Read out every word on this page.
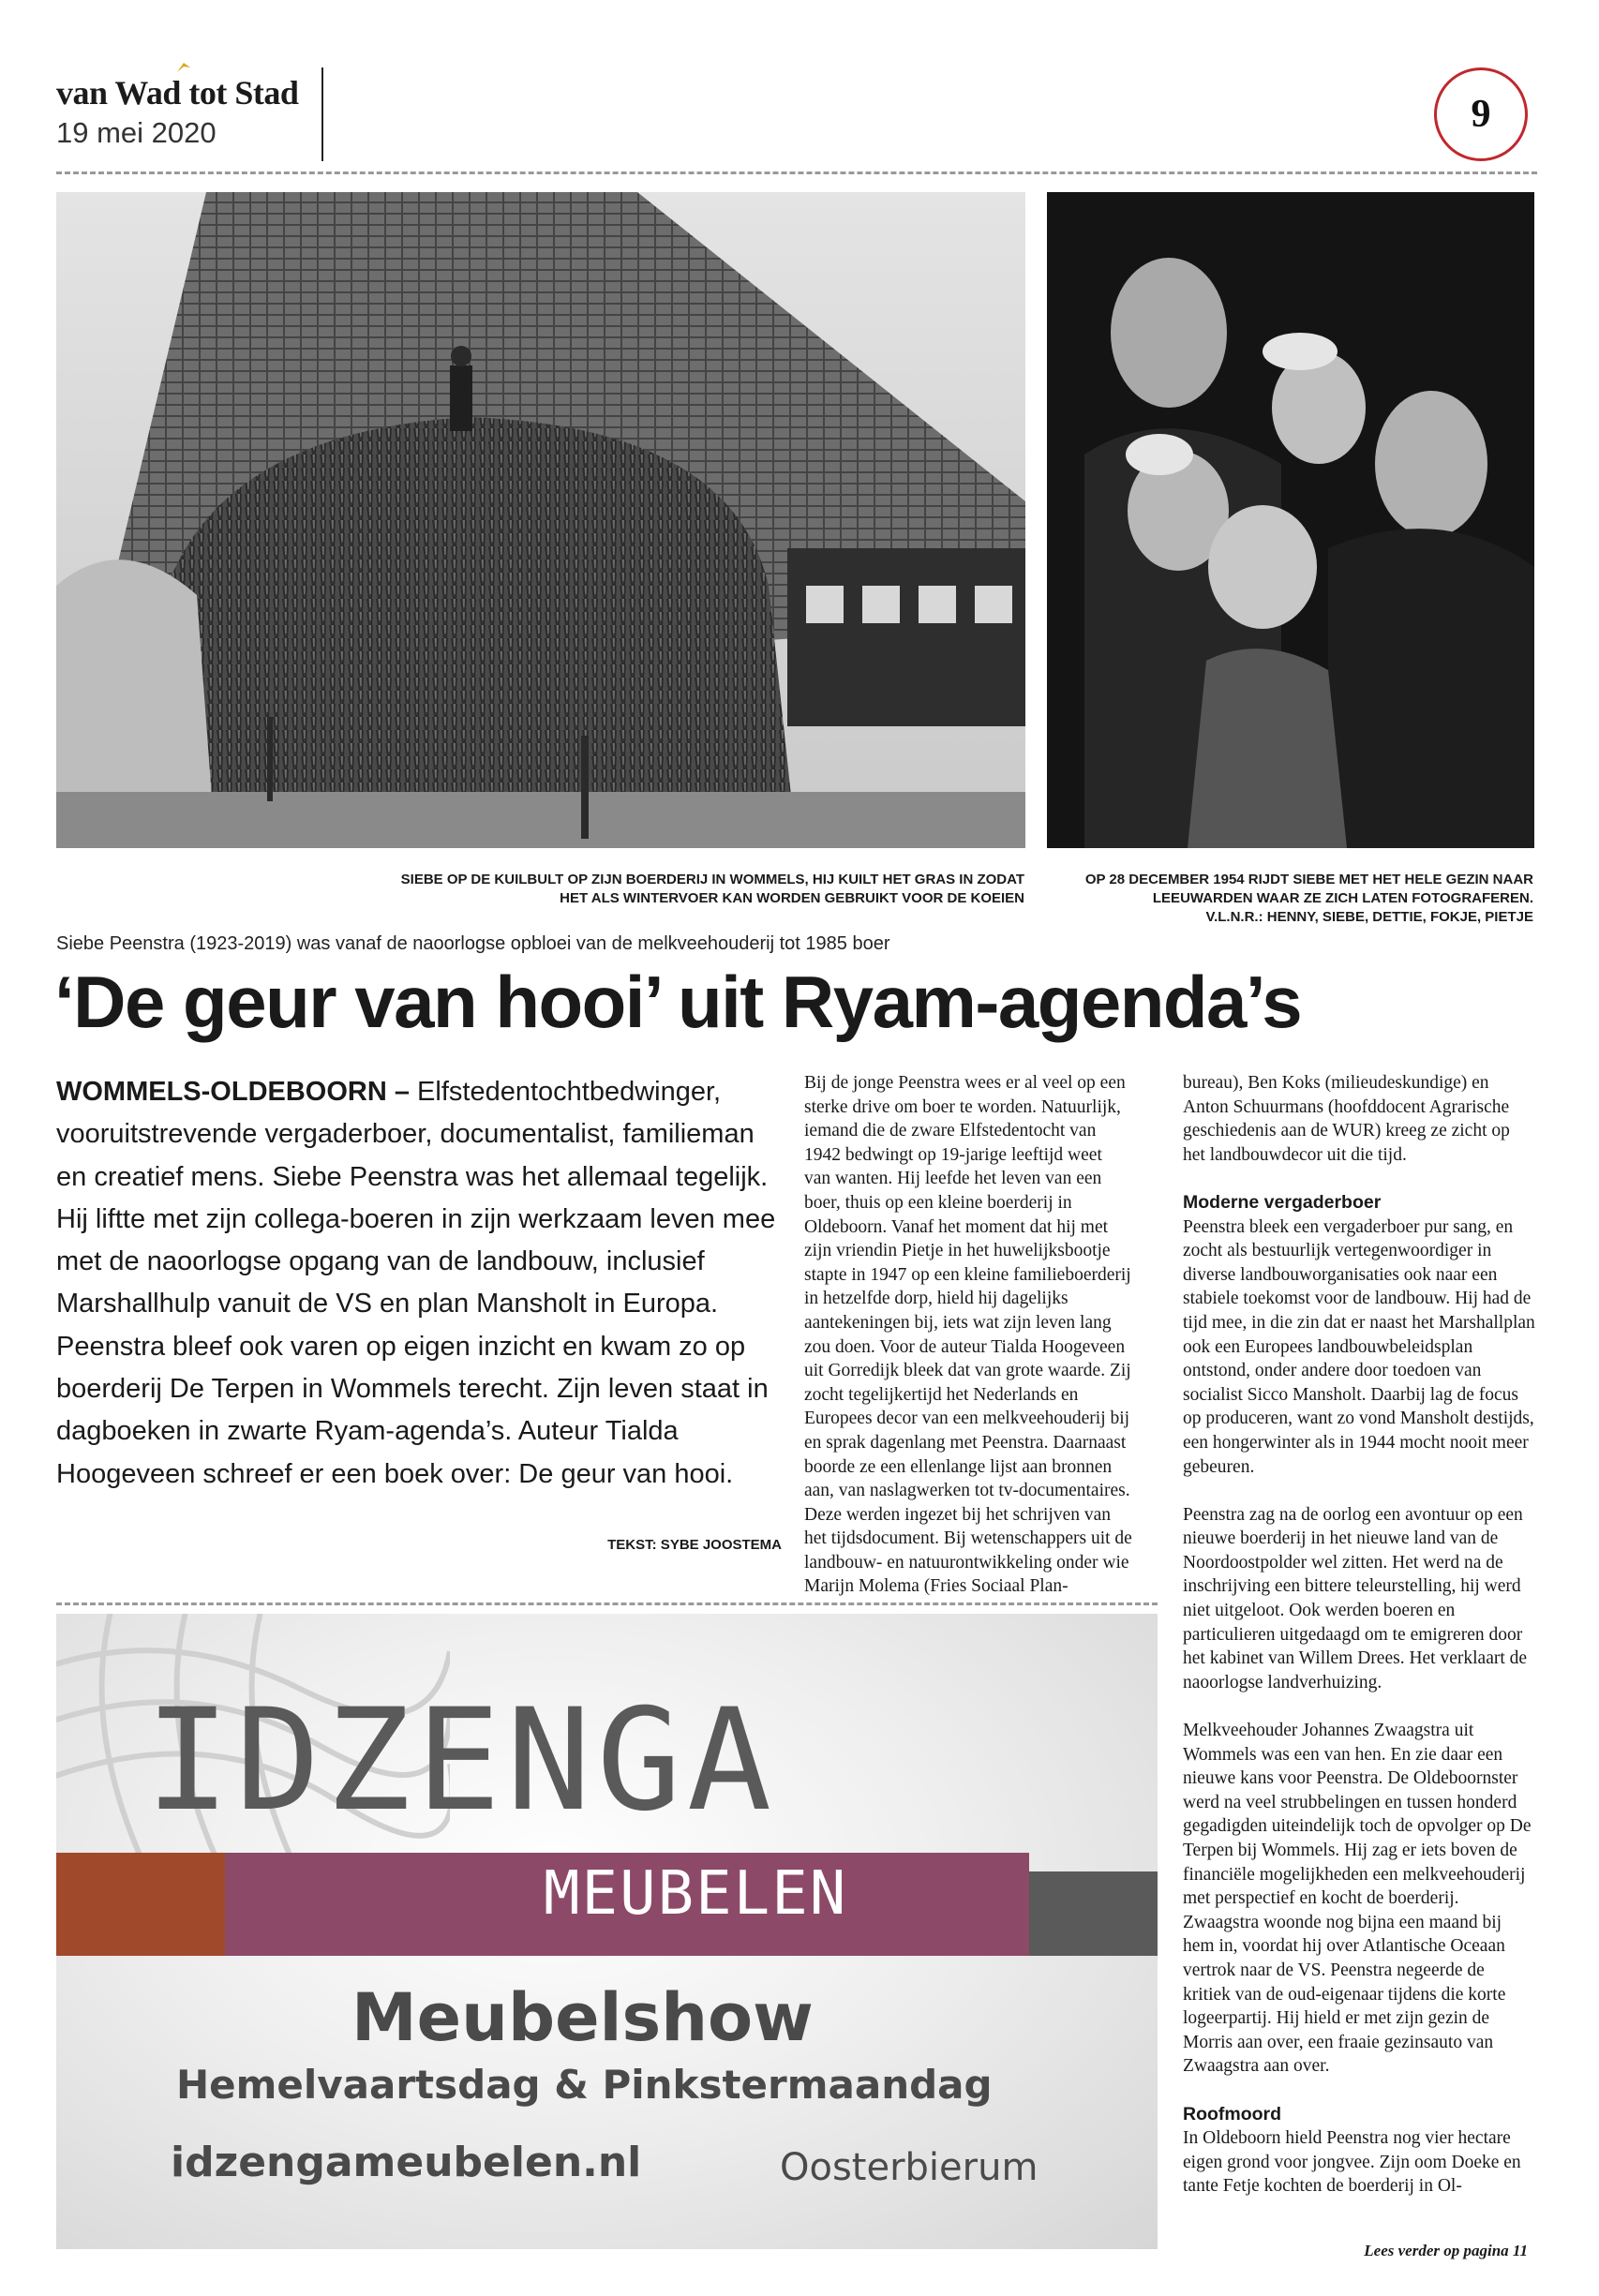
van Wad tot Stad
19 mei 2020	9
SIEBE OP DE KUILBULT OP ZIJN BOERDERIJ IN WOMMELS, HIJ KUILT HET GRAS IN ZODAT HET ALS WINTERVOER KAN WORDEN GEBRUIKT VOOR DE KOEIEN
OP 28 DECEMBER 1954 RIJDT SIEBE MET HET HELE GEZIN NAAR LEEUWARDEN WAAR ZE ZICH LATEN FOTOGRAFEREN.
V.L.N.R.: HENNY, SIEBE, DETTIE, FOKJE, PIETJE
Siebe Peenstra (1923-2019) was vanaf de naoorlogse opbloei van de melkveehouderij tot 1985 boer
‘De geur van hooi’ uit Ryam-agenda’s
WOMMELS-OLDEBOORN – Elfstedentochtbedwinger, vooruitstrevende vergaderboer, documentalist, familieman en creatief mens. Siebe Peenstra was het allemaal tegelijk. Hij liftte met zijn collega-boeren in zijn werkzaam leven mee met de naoorlogse opgang van de landbouw, inclusief Marshallhulp vanuit de VS en plan Mansholt in Europa. Peenstra bleef ook varen op eigen inzicht en kwam zo op boerderij De Terpen in Wommels terecht. Zijn leven staat in dagboeken in zwarte Ryam-agenda’s. Auteur Tialda Hoogeveen schreef er een boek over: De geur van hooi.
TEKST: SYBE JOOSTEMA

Bij de jonge Peenstra wees er al veel op een sterke drive om boer te worden. Natuurlijk, iemand die de zware Elfstedentocht van 1942 bedwingt op 19-jarige leeftijd weet van wanten. Hij leefde het leven van een boer, thuis op een kleine boerderij in Oldeboorn. Vanaf het moment dat hij met zijn vriendin Pietje in het huwelijksbootje stapte in 1947 op een kleine familieboerderij in hetzelfde dorp, hield hij dagelijks aantekeningen bij, iets wat zijn leven lang zou doen. Voor de auteur Tialda Hoogeveen uit Gorredijk bleek dat van grote waarde. Zij zocht tegelijkertijd het Nederlands en Europees decor van een melkveehouderij bij en sprak dagenlang met Peenstra. Daarnaast boorde ze een ellenlange lijst aan bronnen aan, van naslagwerken tot tv-documentaires. Deze werden ingezet bij het schrijven van het tijdsdocument. Bij wetenschappers uit de landbouw- en natuurontwikkeling onder wie Marijn Molema (Fries Sociaal Plan-

bureau), Ben Koks (milieudeskundige) en Anton Schuurmans (hoofddocent Agrarische geschiedenis aan de WUR) kreeg ze zicht op het landbouwdecor uit die tijd.

Moderne vergaderboer

Peenstra bleek een vergaderboer pur sang, en zocht als bestuurlijk vertegenwoordiger in diverse landbouworganisaties ook naar een stabiele toekomst voor de landbouw. Hij had de tijd mee, in die zin dat er naast het Marshallplan ook een Europees landbouwbeleidsplan ontstond, onder andere door toedoen van socialist Sicco Mansholt. Daarbij lag de focus op produceren, want zo vond Mansholt destijds, een hongerwinter als in 1944 mocht nooit meer gebeuren.

Peenstra zag na de oorlog een avontuur op een nieuwe boerderij in het nieuwe land van de Noordoostpolder wel zitten. Het werd na de inschrijving een bittere teleurstelling, hij werd niet uitgeloot. Ook werden boeren en particulieren uitgedaagd om te emigreren door het kabinet van Willem Drees. Het verklaart de naoorlogse landverhuizing.

Melkveehouder Johannes Zwaagstra uit Wommels was een van hen. En zie daar een nieuwe kans voor Peenstra. De Oldeboornster werd na veel strubbelingen en tussen honderd gegadigden uiteindelijk toch de opvolger op De Terpen bij Wommels. Hij zag er iets boven de financiële mogelijkheden een melkveehouderij met perspectief en kocht de boerderij. Zwaagstra woonde nog bijna een maand bij hem in, voordat hij over Atlantische Oceaan vertrok naar de VS. Peenstra negeerde de kritiek van de oud-eigenaar tijdens die korte logeerpartij. Hij hield er met zijn gezin de Morris aan over, een fraaie gezinsauto van Zwaagstra aan over.

Roofmoord

In Oldeboorn hield Peenstra nog vier hectare eigen grond voor jongvee. Zijn oom Doeke en tante Fetje kochten de boerderij in Ol-

IDZENGA
MEUBELEN
Meubelshow
Hemelvaartsdag & Pinkstermaandag
idzengameubelen.nl	Oosterbierum
Lees verder op pagina 11
